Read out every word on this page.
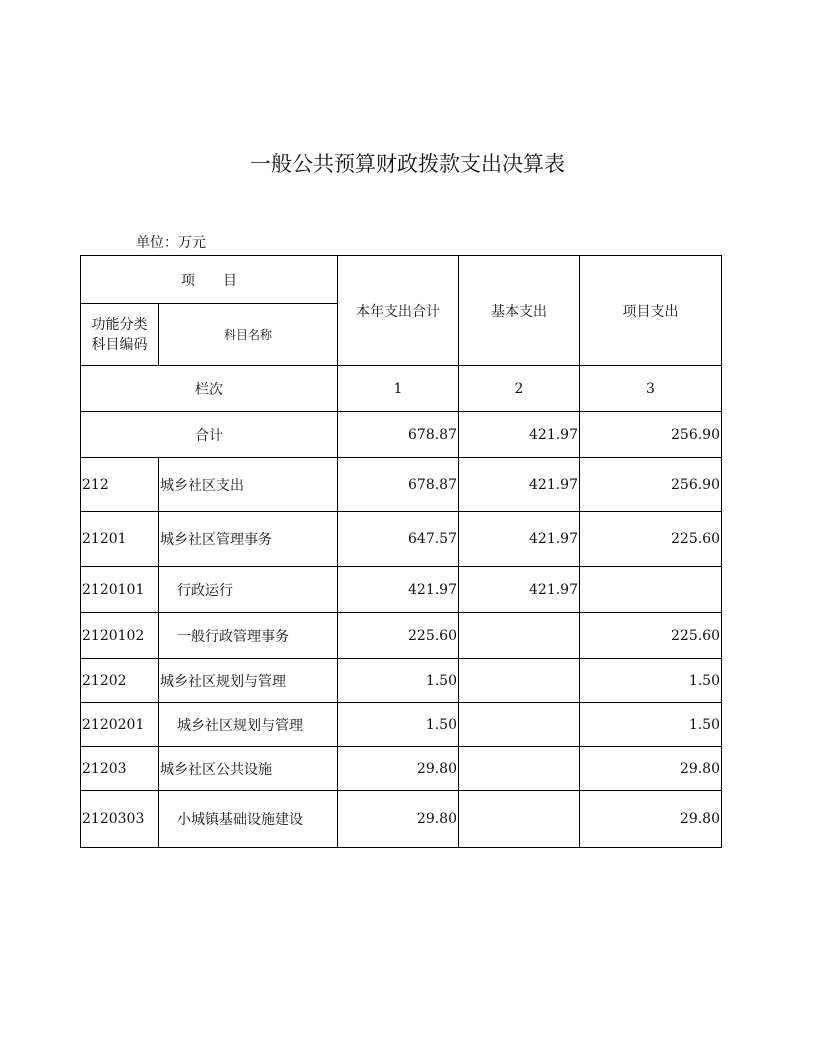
一般公共预算财政拨款支出决算表
单位：万元
项　　目		本年支出合计	基本支出	项目支出
功能分类科目编码	科目名称			
栏次		1	2	3
合计		678.87	421.97	256.90
212	城乡社区支出	678.87	421.97	256.90
21201	城乡社区管理事务	647.57	421.97	225.60
2120101	行政运行	421.97	421.97	
2120102	一般行政管理事务	225.60		225.60
21202	城乡社区规划与管理	1.50		1.50
2120201	城乡社区规划与管理	1.50		1.50
21203	城乡社区公共设施	29.80		29.80
2120303	小城镇基础设施建设	29.80		29.80
